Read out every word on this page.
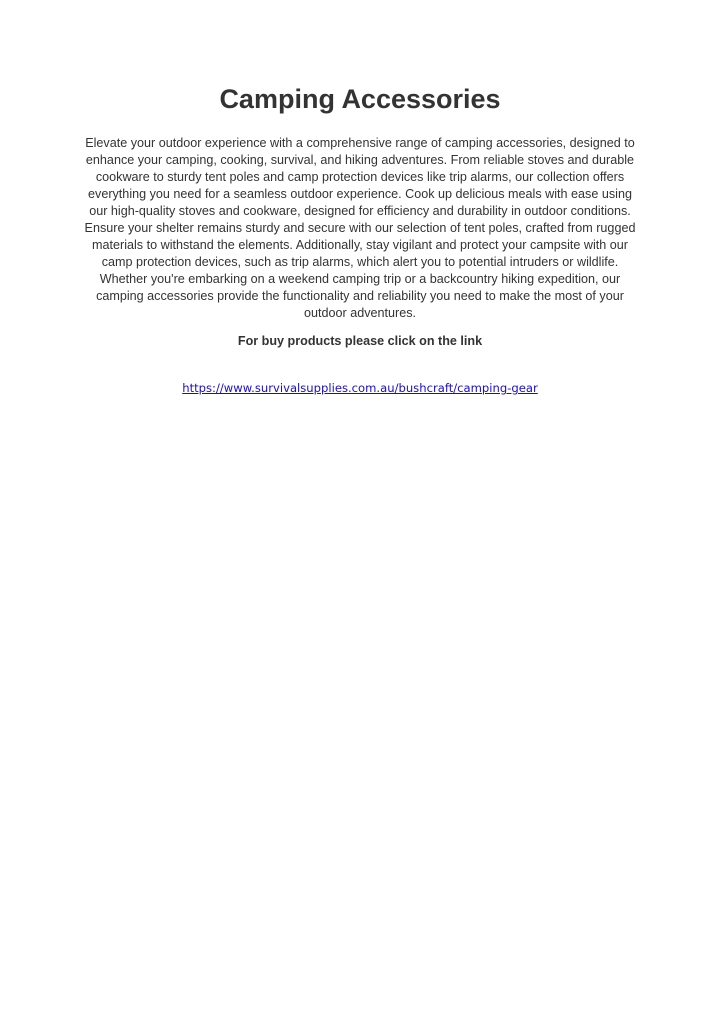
Camping Accessories

Elevate your outdoor experience with a comprehensive range of camping accessories, designed to enhance your camping, cooking, survival, and hiking adventures. From reliable stoves and durable cookware to sturdy tent poles and camp protection devices like trip alarms, our collection offers everything you need for a seamless outdoor experience. Cook up delicious meals with ease using our high-quality stoves and cookware, designed for efficiency and durability in outdoor conditions. Ensure your shelter remains sturdy and secure with our selection of tent poles, crafted from rugged materials to withstand the elements. Additionally, stay vigilant and protect your campsite with our camp protection devices, such as trip alarms, which alert you to potential intruders or wildlife. Whether you're embarking on a weekend camping trip or a backcountry hiking expedition, our camping accessories provide the functionality and reliability you need to make the most of your outdoor adventures.

For buy products please click on the link

https://www.survivalsupplies.com.au/bushcraft/camping-gear
